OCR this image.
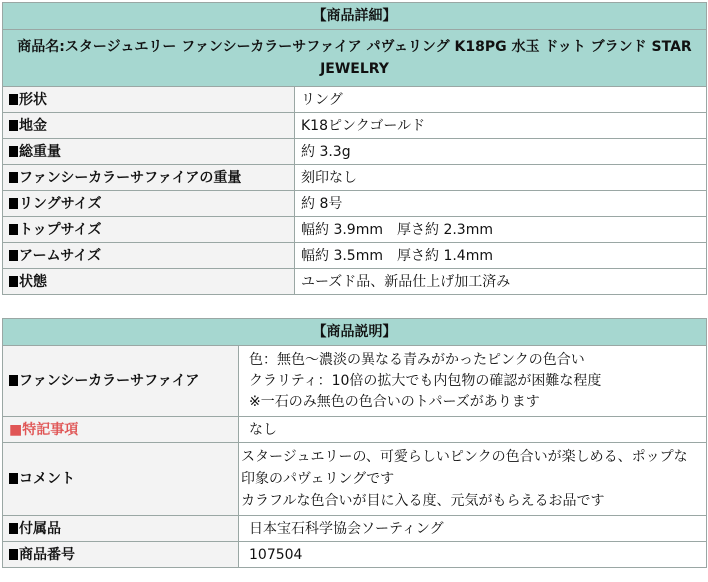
【商品詳細】	
商品名:スタージュエリー ファンシーカラーサファイア パヴェリング K18PG 水玉 ドット ブランド STAR JEWELRY	
形状	リング
地金	K18ピンクゴールド
総重量	約 3.3g
ファンシーカラーサファイアの重量	刻印なし
リングサイズ	約 8号
トップサイズ	幅約 3.9mm　厚さ約 2.3mm
アームサイズ	幅約 3.5mm　厚さ約 1.4mm
状態	ユーズド品、新品仕上げ加工済み
【商品説明】	
ファンシーカラーサファイア	色：無色～濃淡の異なる青みがかったピンクの色合い
クラリティ：10倍の拡大でも内包物の確認が困難な程度
※一石のみ無色の色合いのトパーズがあります

■特記事項	なし
コメント	スタージュエリーの、可愛らしいピンクの色合いが楽しめる、ポップな
印象のパヴェリングです
カラフルな色合いが目に入る度、元気がもらえるお品です

付属品	日本宝石科学協会ソーティング
商品番号	107504
